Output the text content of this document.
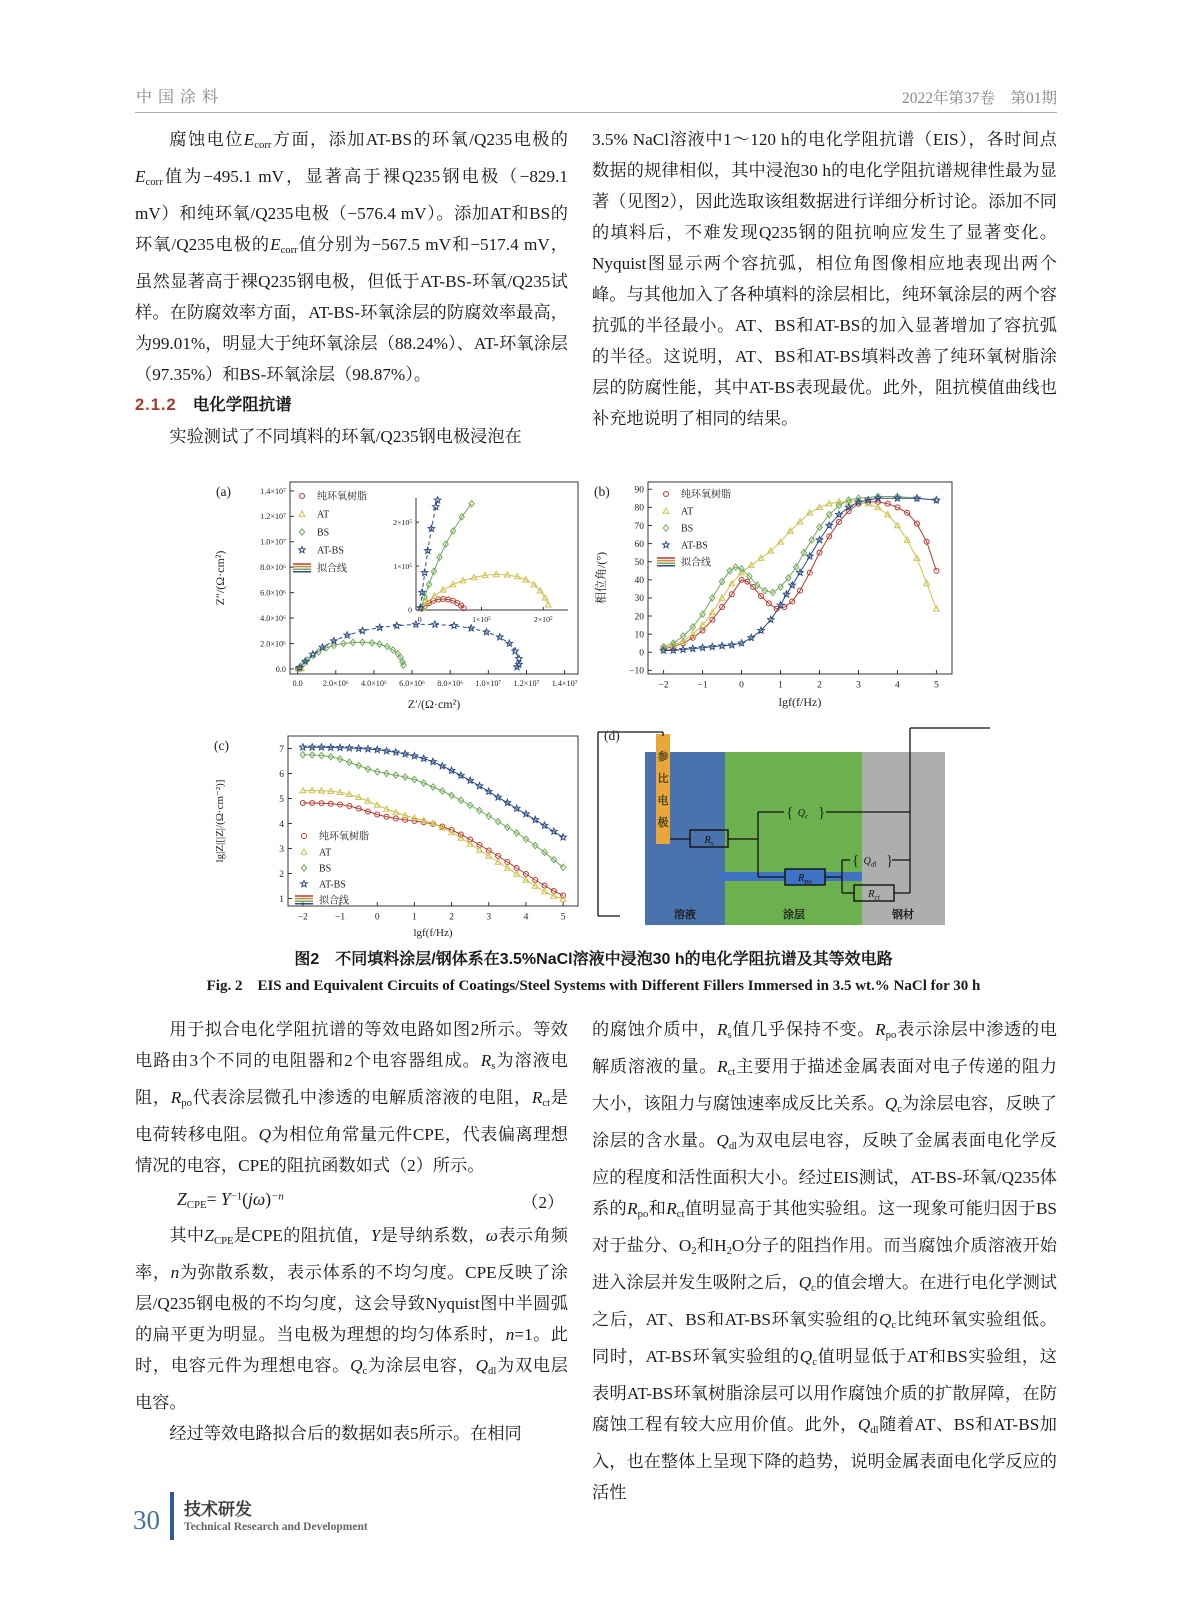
中国涂料	2022年第37卷　第01期

腐蚀电位Ecorr方面，添加AT-BS的环氧/Q235电极的Ecorr值为−495.1 mV，显著高于裸Q235钢电极（−829.1 mV）和纯环氧/Q235电极（−576.4 mV）。添加AT和BS的环氧/Q235电极的Ecorr值分别为−567.5 mV和−517.4 mV，虽然显著高于裸Q235钢电极，但低于AT-BS-环氧/Q235试样。在防腐效率方面，AT-BS-环氧涂层的防腐效率最高，为99.01%，明显大于纯环氧涂层（88.24%）、AT-环氧涂层（97.35%）和BS-环氧涂层（98.87%）。

2.1.2 电化学阻抗谱

实验测试了不同填料的环氧/Q235钢电极浸泡在

3.5% NaCl溶液中1～120 h的电化学阻抗谱（EIS），各时间点数据的规律相似，其中浸泡30 h的电化学阻抗谱规律性最为显著（见图2），因此选取该组数据进行详细分析讨论。添加不同的填料后，不难发现Q235钢的阻抗响应发生了显著变化。Nyquist图显示两个容抗弧，相位角图像相应地表现出两个峰。与其他加入了各种填料的涂层相比，纯环氧涂层的两个容抗弧的半径最小。AT、BS和AT-BS的加入显著增加了容抗弧的半径。这说明，AT、BS和AT-BS填料改善了纯环氧树脂涂层的防腐性能，其中AT-BS表现最优。此外，阻抗模值曲线也补充地说明了相同的结果。

0.0 2.0×10⁶ 4.0×10⁶ 6.0×10⁶ 8.0×10⁶ 1.0×10⁷ 1.2×10⁷ 1.4×10⁷
0.0
2.0×10⁶
4.0×10⁶
6.0×10⁶
8.0×10⁶
1.0×10⁷
1.2×10⁷
1.4×10⁷
Z′/(Ω·cm²)
Z″/(Ω·cm²)
(a)	纯环氧树脂
AT
BS
AT-BS
拟合线
0	1×10⁵	2×10⁵
0
1×10⁵
2×10⁵
−2	−1	0	1	2	3	4	5
−10
0
10
20
30
40
50
60
70
80
90
lgf(f/Hz)
相位角/(°)
(b)	纯环氧树脂
AT
BS
AT-BS
拟合线
−2	−1	0	1	2	3	4	5
1
2
3
4
5
6
7
lgf(f/Hz)
lg|Z|[|Z|/(Ω·cm⁻²)]
(c)
纯环氧树脂
AT
BS
AT-BS
拟合线
参
比
电
极
$R_s$
$R_{po}$
$R_{ct}$
{ }
$Q_c$
{ }
$Q_{dl}$
溶液	涂层	钢材
(d)

图2　不同填料涂层/钢体系在3.5%NaCl溶液中浸泡30 h的电化学阻抗谱及其等效电路

Fig. 2　EIS and Equivalent Circuits of Coatings/Steel Systems with Different Fillers Immersed in 3.5 wt.% NaCl for 30 h

用于拟合电化学阻抗谱的等效电路如图2所示。等效电路由3个不同的电阻器和2个电容器组成。Rs为溶液电阻，Rpo代表涂层微孔中渗透的电解质溶液的电阻，Rct是电荷转移电阻。Q为相位角常量元件CPE，代表偏离理想情况的电容，CPE的阻抗函数如式（2）所示。

ZCPE= $Y^{-1}(j\omega)^{-n}$	（2）

其中ZCPE是CPE的阻抗值，Y是导纳系数，ω表示角频率，n为弥散系数，表示体系的不均匀度。CPE反映了涂层/Q235钢电极的不均匀度，这会导致Nyquist图中半圆弧的扁平更为明显。当电极为理想的均匀体系时，n=1。此时，电容元件为理想电容。Qc为涂层电容，Qdl为双电层电容。

经过等效电路拟合后的数据如表5所示。在相同

的腐蚀介质中，Rs值几乎保持不变。Rpo表示涂层中渗透的电解质溶液的量。Rct主要用于描述金属表面对电子传递的阻力大小，该阻力与腐蚀速率成反比关系。Qc为涂层电容，反映了涂层的含水量。Qdl为双电层电容，反映了金属表面电化学反应的程度和活性面积大小。经过EIS测试，AT-BS-环氧/Q235体系的Rpo和Rct值明显高于其他实验组。这一现象可能归因于BS对于盐分、O2和H2O分子的阻挡作用。而当腐蚀介质溶液开始进入涂层并发生吸附之后，Qc的值会增大。在进行电化学测试之后，AT、BS和AT-BS环氧实验组的Qc比纯环氧实验组低。同时，AT-BS环氧实验组的Qc值明显低于AT和BS实验组，这表明AT-BS环氧树脂涂层可以用作腐蚀介质的扩散屏障，在防腐蚀工程有较大应用价值。此外，Qdl随着AT、BS和AT-BS加入，也在整体上呈现下降的趋势，说明金属表面电化学反应的活性

30 技术研发
Technical Research and Development
